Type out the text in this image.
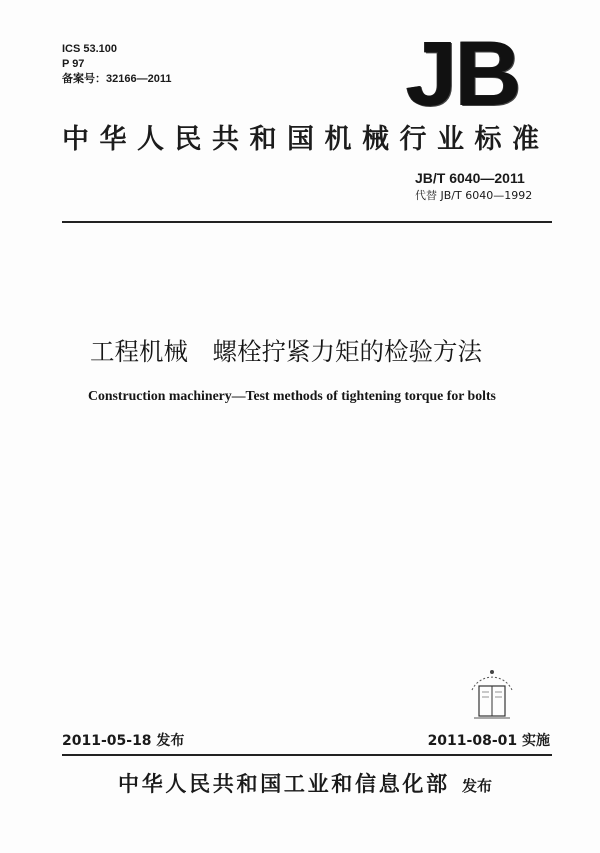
ICS 53.100
P 97
备案号：32166—2011	JB
中华人民共和国机械行业标准
JB/T 6040—2011
代替 JB/T 6040—1992
工程机械　螺栓拧紧力矩的检验方法
Construction machinery—Test methods of tightening torque for bolts
2011-05-18 发布	2011-08-01 实施
中华人民共和国工业和信息化部 发布
